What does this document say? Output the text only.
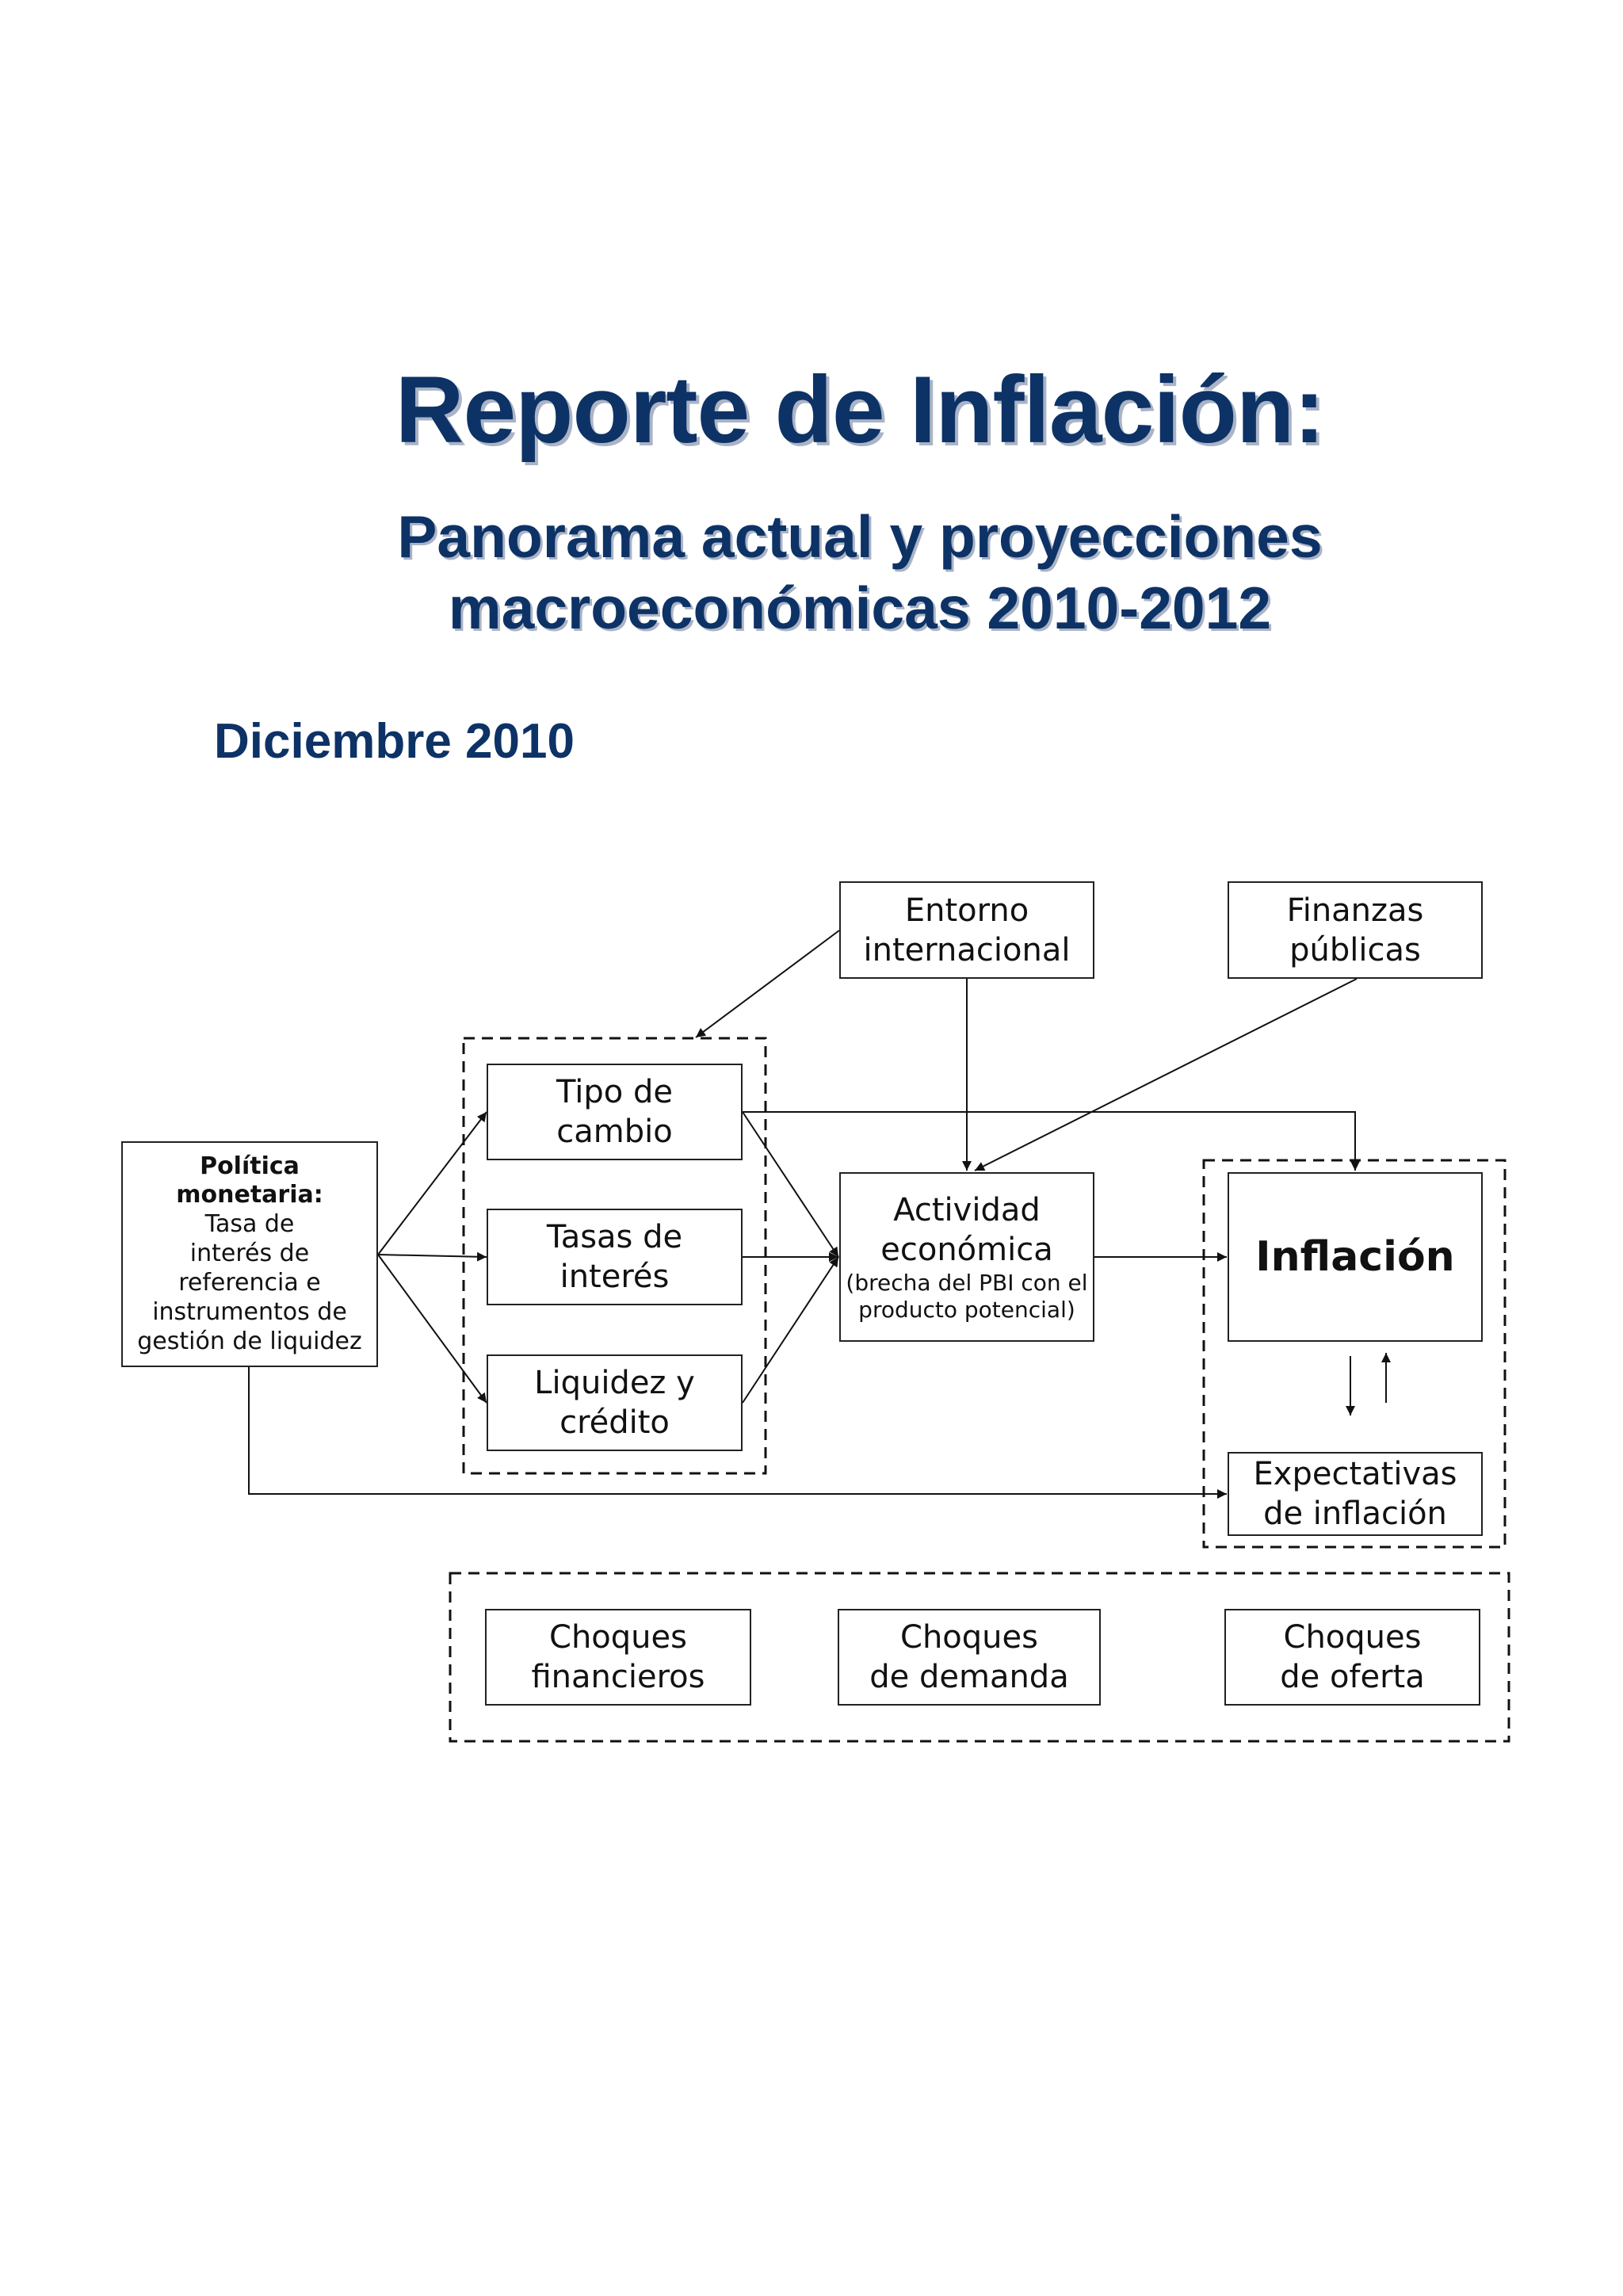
Reporte de Inflación:
Panorama actual y proyecciones
macroeconómicas 2010-2012
Diciembre 2010
Entorno
internacional
Finanzas
públicas
Política
monetaria:
Tasa de
interés de
referencia e
instrumentos de
gestión de liquidez
Tipo de
cambio
Tasas de
interés
Liquidez y
crédito
Actividad
económica
(brecha del PBI con el
producto potencial)
Inflación
Expectativas
de inflación
Choques
financieros
Choques
de demanda
Choques
de oferta
